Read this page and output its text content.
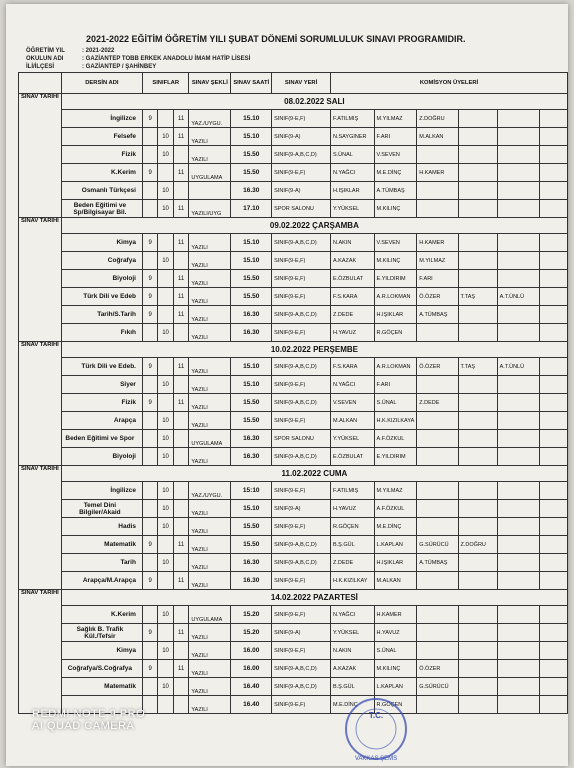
2021-2022 EĞİTİM ÖĞRETİM YILI ŞUBAT DÖNEMİ SORUMLULUK SINAVI PROGRAMIDIR.
ÖĞRETİM YIL	: 2021-2022
OKULUN ADI	: GAZİANTEP TOBB ERKEK ANADOLU İMAM HATİP LİSESİ
İLİ/İLÇESİ	: GAZİANTEP / ŞAHİNBEY
	DERSİN ADI	SINIFLAR			SINAV ŞEKLİ	SINAV SAATİ	SINAV YERİ	KOMİSYON ÜYELERİ					
SINAV TARİHİ	08.02.2022 SALI												
	İngilizce	9		11	YAZ./UYGU.	15.10	SINIF(9-E,F)	F.ATILMIŞ	M.YILMAZ	Z.DOĞRU			
	Felsefe		10	11	YAZILI	15.10	SINIF(9-A)	N.SAYGINER	F.ARI	M.ALKAN			
	Fizik		10		YAZILI	15.50	SINIF(9-A,B,C,D)	S.ÜNAL	V.SEVEN				
	K.Kerim	9		11	UYGULAMA	15.50	SINIF(9-E,F)	N.YAĞCI	M.E.DİNÇ	H.KAMER			
	Osmanlı Türkçesi		10			16.30	SINIF(9-A)	H.IŞIKLAR	A.TÜMBAŞ				
	Beden Eğitimi ve Sp/Bilgisayar Bil.		10	11	YAZILI/UYG	17.10	SPOR SALONU	Y.YÜKSEL	M.KILINÇ				
SINAV TARİHİ	09.02.2022 ÇARŞAMBA												
	Kimya	9		11	YAZILI	15.10	SINIF(9-A,B,C,D)	N.AKIN	V.SEVEN	H.KAMER			
	Coğrafya		10		YAZILI	15.10	SINIF(9-E,F)	A.KAZAK	M.KILINÇ	M.YILMAZ			
	Biyoloji	9		11	YAZILI	15.50	SINIF(9-E,F)	E.ÖZBULAT	E.YILDIRIM	F.ARI			
	Türk Dili ve Edeb	9		11	YAZILI	15.50	SINIF(9-E,F)	F.S.KARA	A.R.LOKMAN	Ö.ÖZER	T.TAŞ	A.T.ÜNLÜ	
	Tarih/S.Tarih	9		11	YAZILI	16.30	SINIF(9-A,B,C,D)	Z.DEDE	H.IŞIKLAR	A.TÜMBAŞ			
	Fıkıh		10		YAZILI	16.30	SINIF(9-E,F)	H.YAVUZ	R.GÖÇEN				
SINAV TARİHİ	10.02.2022 PERŞEMBE												
	Türk Dili ve Edeb.	9		11	YAZILI	15.10	SINIF(9-A,B,C,D)	F.S.KARA	A.R.LOKMAN	Ö.ÖZER	T.TAŞ	A.T.ÜNLÜ	
	Siyer		10		YAZILI	15.10	SINIF(9-E,F)	N.YAĞCI	F.ARI				
	Fizik	9		11	YAZILI	15.50	SINIF(9-A,B,C,D)	V.SEVEN	S.ÜNAL	Z.DEDE			
	Arapça		10		YAZILI	15.50	SINIF(9-E,F)	M.ALKAN	H.K.KIZILKAYA				
	Beden Eğitimi ve Spor		10		UYGULAMA	16.30	SPOR SALONU	Y.YÜKSEL	A.F.ÖZKUL				
	Biyoloji		10		YAZILI	16.30	SINIF(9-A,B,C,D)	E.ÖZBULAT	E.YILDIRIM				
SINAV TARİHİ	11.02.2022 CUMA												
	İngilizce		10		YAZ./UYGU.	15:10	SINIF(9-E,F)	F.ATILMIŞ	M.YILMAZ				
	Temel Dini Bilgiler/Akaid		10		YAZILI	15.10	SINIF(9-A)	H.YAVUZ	A.F.ÖZKUL				
	Hadis		10		YAZILI	15.50	SINIF(9-E,F)	R.GÖÇEN	M.E.DİNÇ				
	Matematik	9		11	YAZILI	15.50	SINIF(9-A,B,C,D)	B.Ş.GÜL	L.KAPLAN	G.SÜRÜCÜ	Z.DOĞRU		
	Tarih		10		YAZILI	16.30	SINIF(9-A,B,C,D)	Z.DEDE	H.IŞIKLAR	A.TÜMBAŞ			
	Arapça/M.Arapça	9		11	YAZILI	16.30	SINIF(9-E,F)	H.K.KIZILKAY	M.ALKAN				
SINAV TARİHİ	14.02.2022 PAZARTESİ												
	K.Kerim		10		UYGULAMA	15.20	SINIF(9-E,F)	N.YAĞCI	H.KAMER				
	Sağlık B. Trafik Kül./Tefsir	9		11	YAZILI	15.20	SINIF(9-A)	Y.YÜKSEL	H.YAVUZ				
	Kimya		10		YAZILI	16.00	SINIF(9-E,F)	N.AKIN	S.ÜNAL				
	Coğrafya/S.Coğrafya	9		11	YAZILI	16.00	SINIF(9-A,B,C,D)	A.KAZAK	M.KILINÇ	Ö.ÖZER			
	Matematik		10		YAZILI	16.40	SINIF(9-A,B,C,D)	B.Ş.GÜL	L.KAPLAN	G.SÜRÜCÜ			
					YAZILI	16.40	SINIF(9-E,F)	M.E.DİNÇ	R.GÖÇEN				
T.C.
VAKKAS ŞEMS
REDMI NOTE 9 PRO
AI QUAD CAMERA
